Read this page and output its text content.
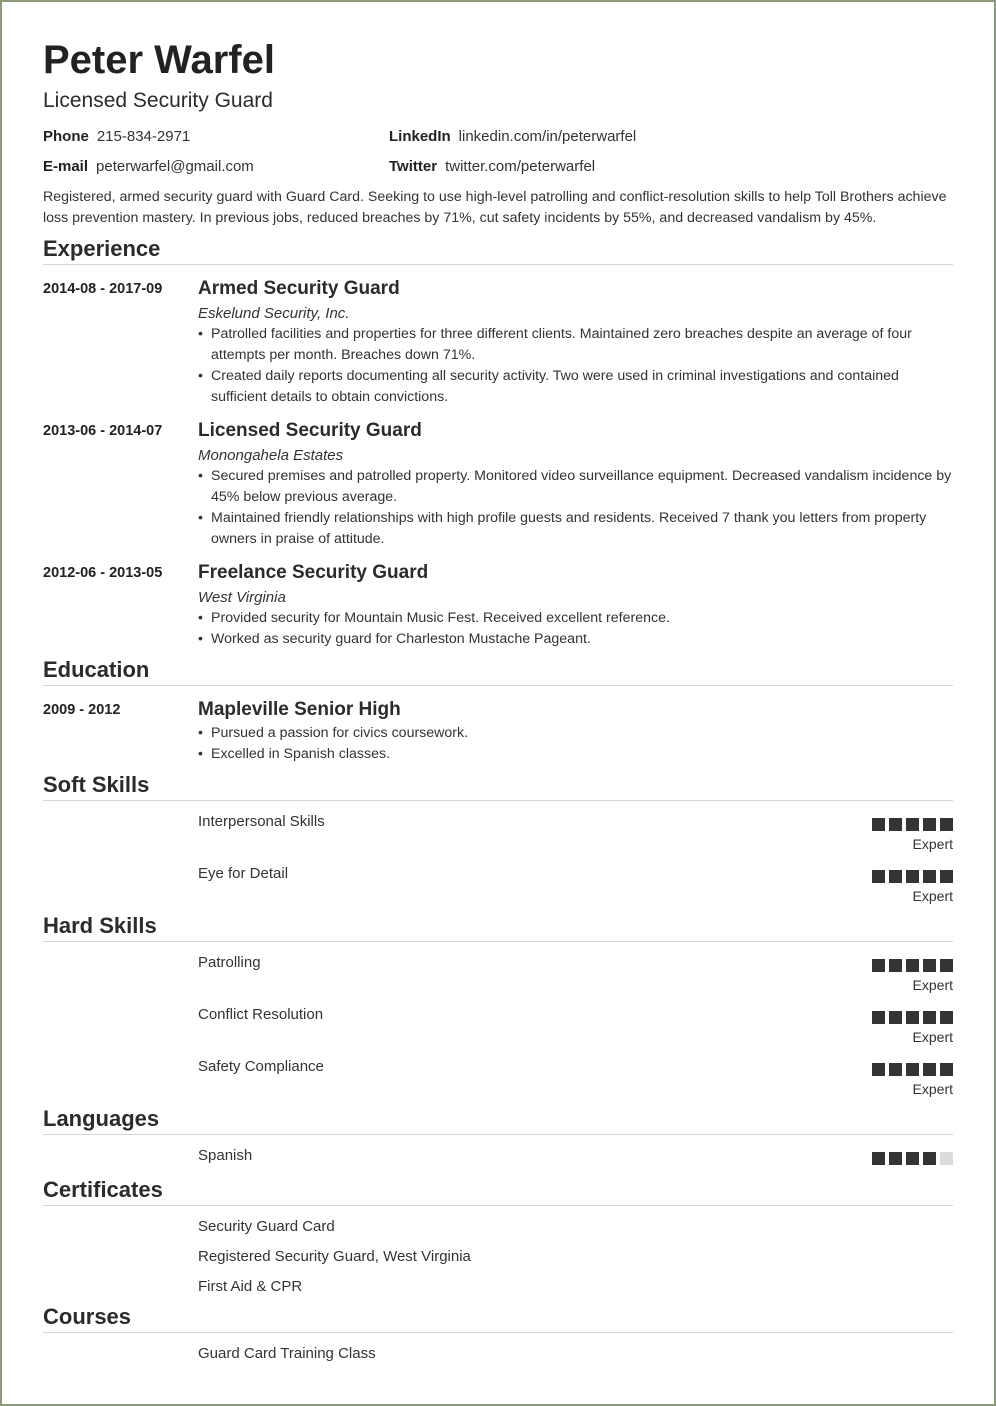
Peter Warfel
Licensed Security Guard
Phone 215-834-2971	LinkedIn linkedin.com/in/peterwarfel
E-mail peterwarfel@gmail.com	Twitter twitter.com/peterwarfel
Registered, armed security guard with Guard Card. Seeking to use high-level patrolling and conflict-resolution skills to help Toll Brothers achieve loss prevention mastery. In previous jobs, reduced breaches by 71%, cut safety incidents by 55%, and decreased vandalism by 45%.
Experience
2014-08 - 2017-09 Armed Security Guard
Eskelund Security, Inc.
• Patrolled facilities and properties for three different clients. Maintained zero breaches despite an average of four attempts per month. Breaches down 71%.
• Created daily reports documenting all security activity. Two were used in criminal investigations and contained sufficient details to obtain convictions.
2013-06 - 2014-07 Licensed Security Guard
Monongahela Estates
• Secured premises and patrolled property. Monitored video surveillance equipment. Decreased vandalism incidence by 45% below previous average.
• Maintained friendly relationships with high profile guests and residents. Received 7 thank you letters from property owners in praise of attitude.
2012-06 - 2013-05 Freelance Security Guard
West Virginia
• Provided security for Mountain Music Fest. Received excellent reference.
• Worked as security guard for Charleston Mustache Pageant.
Education
2009 - 2012	Mapleville Senior High
• Pursued a passion for civics coursework.
• Excelled in Spanish classes.
Soft Skills
Interpersonal Skills
Expert
Eye for Detail
Expert
Hard Skills
Patrolling
Expert
Conflict Resolution
Expert
Safety Compliance
Expert
Languages
Spanish
Certificates
Security Guard Card
Registered Security Guard, West Virginia
First Aid & CPR
Courses
Guard Card Training Class
